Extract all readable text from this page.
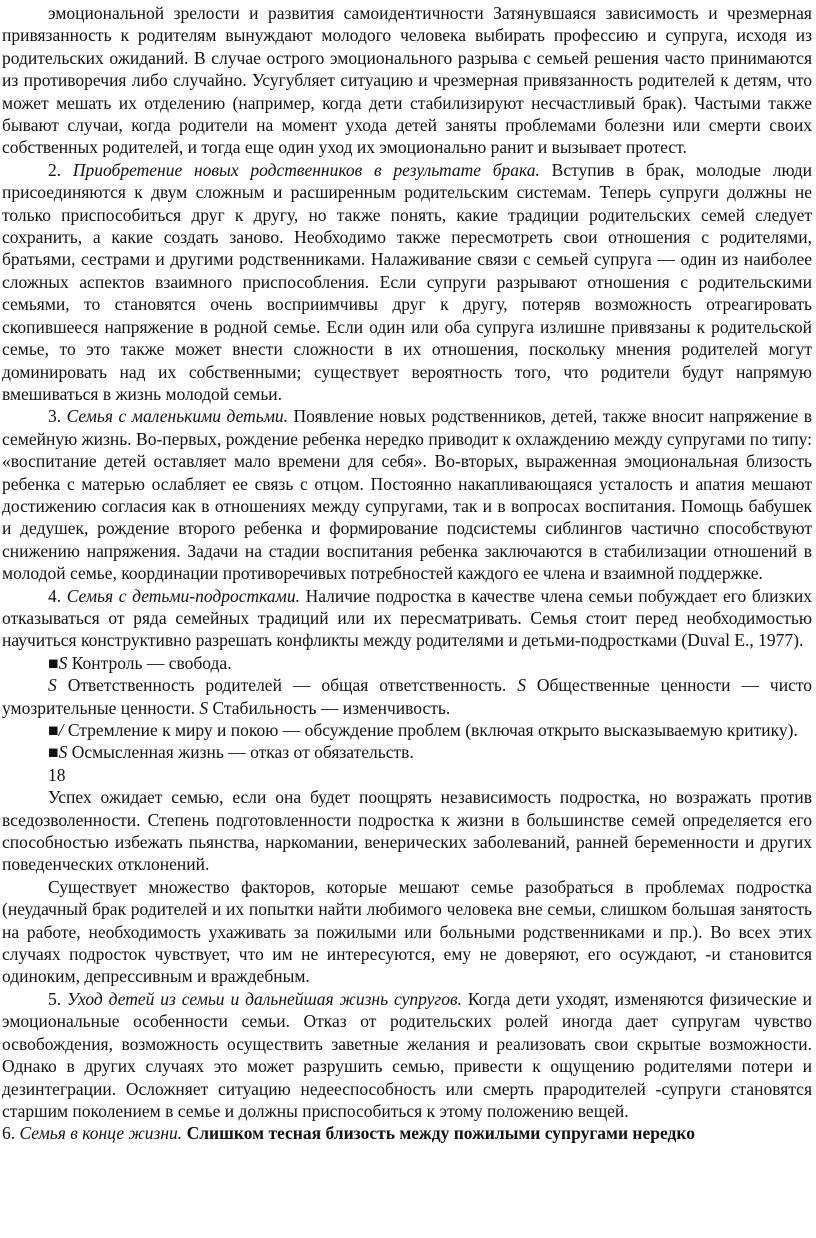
эмоциональной зрелости и развития самоидентичности Затянувшаяся зависимость и чрезмерная привязанность к родителям вынуждают молодого человека выбирать профессию и супруга, исходя из родительских ожиданий. В случае острого эмоционального разрыва с семьей решения часто принимаются из противоречия либо случайно. Усугубляет ситуацию и чрезмерная привязанность родителей к детям, что может мешать их отделению (например, когда дети стабилизируют несчастливый брак). Частыми также бывают случаи, когда родители на момент ухода детей заняты проблемами болезни или смерти своих собственных родителей, и тогда еще один уход их эмоционально ранит и вызывает протест.

2. Приобретение новых родственников в результате брака. Вступив в брак, молодые люди присоединяются к двум сложным и расширенным родительским системам. Теперь супруги должны не только приспособиться друг к другу, но также понять, какие традиции родительских семей следует сохранить, а какие создать заново. Необходимо также пересмотреть свои отношения с родителями, братьями, сестрами и другими родственниками. Налаживание связи с семьей супруга — один из наиболее сложных аспектов взаимного приспособления. Если супруги разрывают отношения с родительскими семьями, то становятся очень восприимчивы друг к другу, потеряв возможность отреагировать скопившееся напряжение в родной семье. Если один или оба супруга излишне привязаны к родительской семье, то это также может внести сложности в их отношения, поскольку мнения родителей могут доминировать над их собственными; существует вероятность того, что родители будут напрямую вмешиваться в жизнь молодой семьи.

3. Семья с маленькими детьми. Появление новых родственников, детей, также вносит напряжение в семейную жизнь. Во-первых, рождение ребенка нередко приводит к охлаждению между супругами по типу: «воспитание детей оставляет мало времени для себя». Во-вторых, выраженная эмоциональная близость ребенка с матерью ослабляет ее связь с отцом. Постоянно накапливающаяся усталость и апатия мешают достижению согласия как в отношениях между супругами, так и в вопросах воспитания. Помощь бабушек и дедушек, рождение второго ребенка и формирование подсистемы сиблингов частично способствуют снижению напряжения. Задачи на стадии воспитания ребенка заключаются в стабилизации отношений в молодой семье, координации противоречивых потребностей каждого ее члена и взаимной поддержке.

4. Семья с детьми-подростками. Наличие подростка в качестве члена семьи побуждает его близких отказываться от ряда семейных традиций или их пересматривать. Семья стоит перед необходимостью научиться конструктивно разрешать конфликты между родителями и детьми-подростками (Duval E., 1977).

■S Контроль — свобода.

S Ответственность родителей — общая ответственность. S Общественные ценности — чисто умозрительные ценности. S Стабильность — изменчивость.

■/ Стремление к миру и покою — обсуждение проблем (включая открыто высказываемую критику).

■S Осмысленная жизнь — отказ от обязательств.

18

Успех ожидает семью, если она будет поощрять независимость подростка, но возражать против вседозволенности. Степень подготовленности подростка к жизни в большинстве семей определяется его способностью избежать пьянства, наркомании, венерических заболеваний, ранней беременности и других поведенческих отклонений.

Существует множество факторов, которые мешают семье разобраться в проблемах подростка (неудачный брак родителей и их попытки найти любимого человека вне семьи, слишком большая занятость на работе, необходимость ухаживать за пожилыми или больными родственниками и пр.). Во всех этих случаях подросток чувствует, что им не интересуются, ему не доверяют, его осуждают, -и становится одиноким, депрессивным и враждебным.

5. Уход детей из семьи и дальнейшая жизнь супругов. Когда дети уходят, изменяются физические и эмоциональные особенности семьи. Отказ от родительских ролей иногда дает супругам чувство освобождения, возможность осуществить заветные желания и реализовать свои скрытые возможности. Однако в других случаях это может разрушить семью, привести к ощущению родителями потери и дезинтеграции. Осложняет ситуацию недееспособность или смерть прародителей -супруги становятся старшим поколением в семье и должны приспособиться к этому положению вещей.

6. Семья в конце жизни. Слишком тесная близость между пожилыми супругами нередко
